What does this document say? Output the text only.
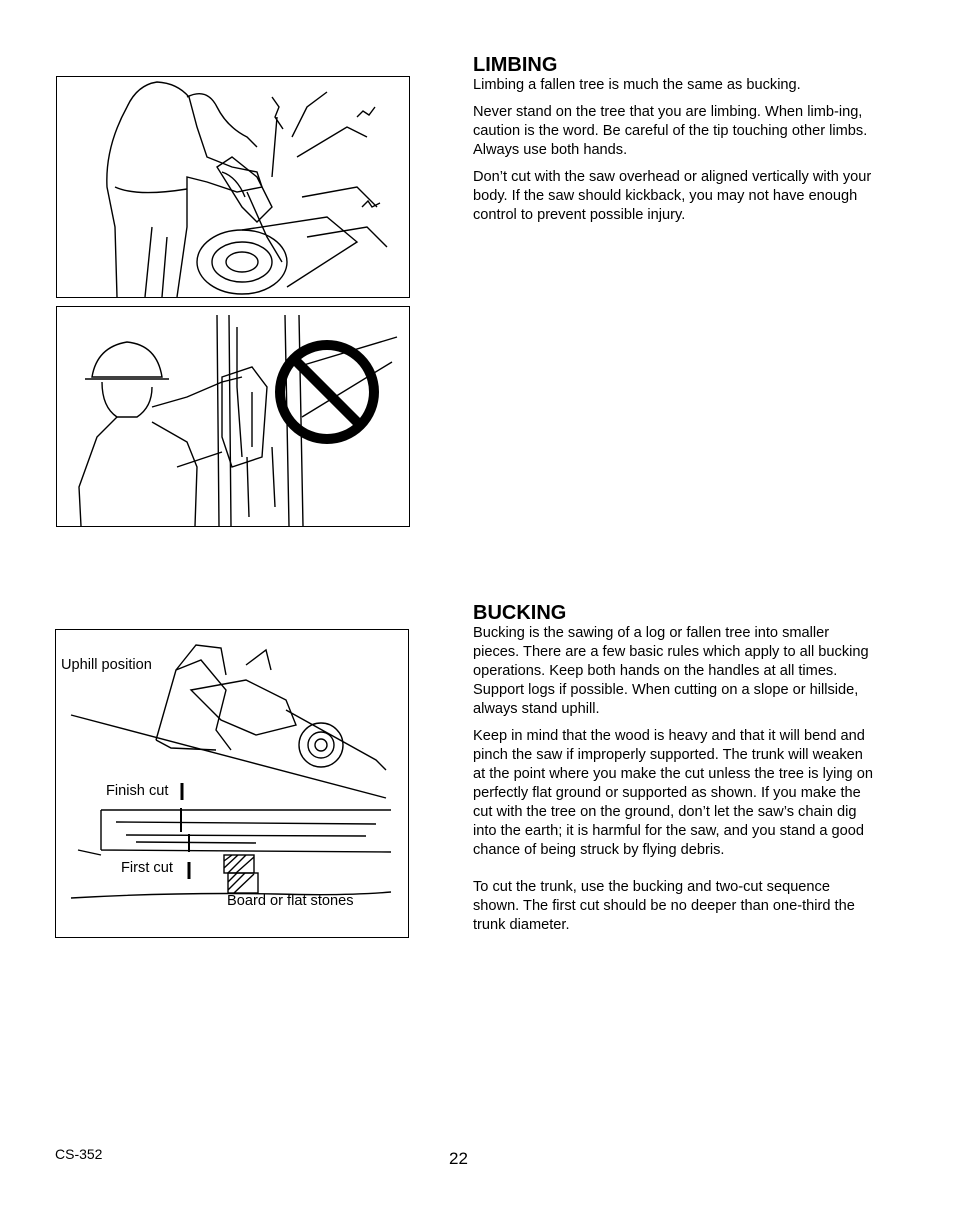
LIMBING

Limbing a fallen tree is much the same as bucking.

Never stand on the tree that you are limbing. When limb-ing, caution is the word. Be careful of the tip touching other limbs. Always use both hands.

Don’t cut with the saw overhead or aligned vertically with your body. If the saw should kickback, you may not have enough control to prevent possible injury.

Uphill position
Finish cut
First cut
Board or flat stones
BUCKING

Bucking is the sawing of a log or fallen tree into smaller pieces. There are a few basic rules which apply to all bucking operations. Keep both hands on the handles at all times. Support logs if possible. When cutting on a slope or hillside, always stand uphill.

Keep in mind that the wood is heavy and that it will bend and pinch the saw if improperly supported. The trunk will weaken at the point where you make the cut unless the tree is lying on perfectly flat ground or supported as shown. If you make the cut with the tree on the ground, don’t let the saw’s chain dig into the earth; it is harmful for the saw, and you stand a good chance of being struck by flying debris.

To cut the trunk, use the bucking and two-cut sequence shown. The first cut should be no deeper than one-third the trunk diameter.

CS-352	22
